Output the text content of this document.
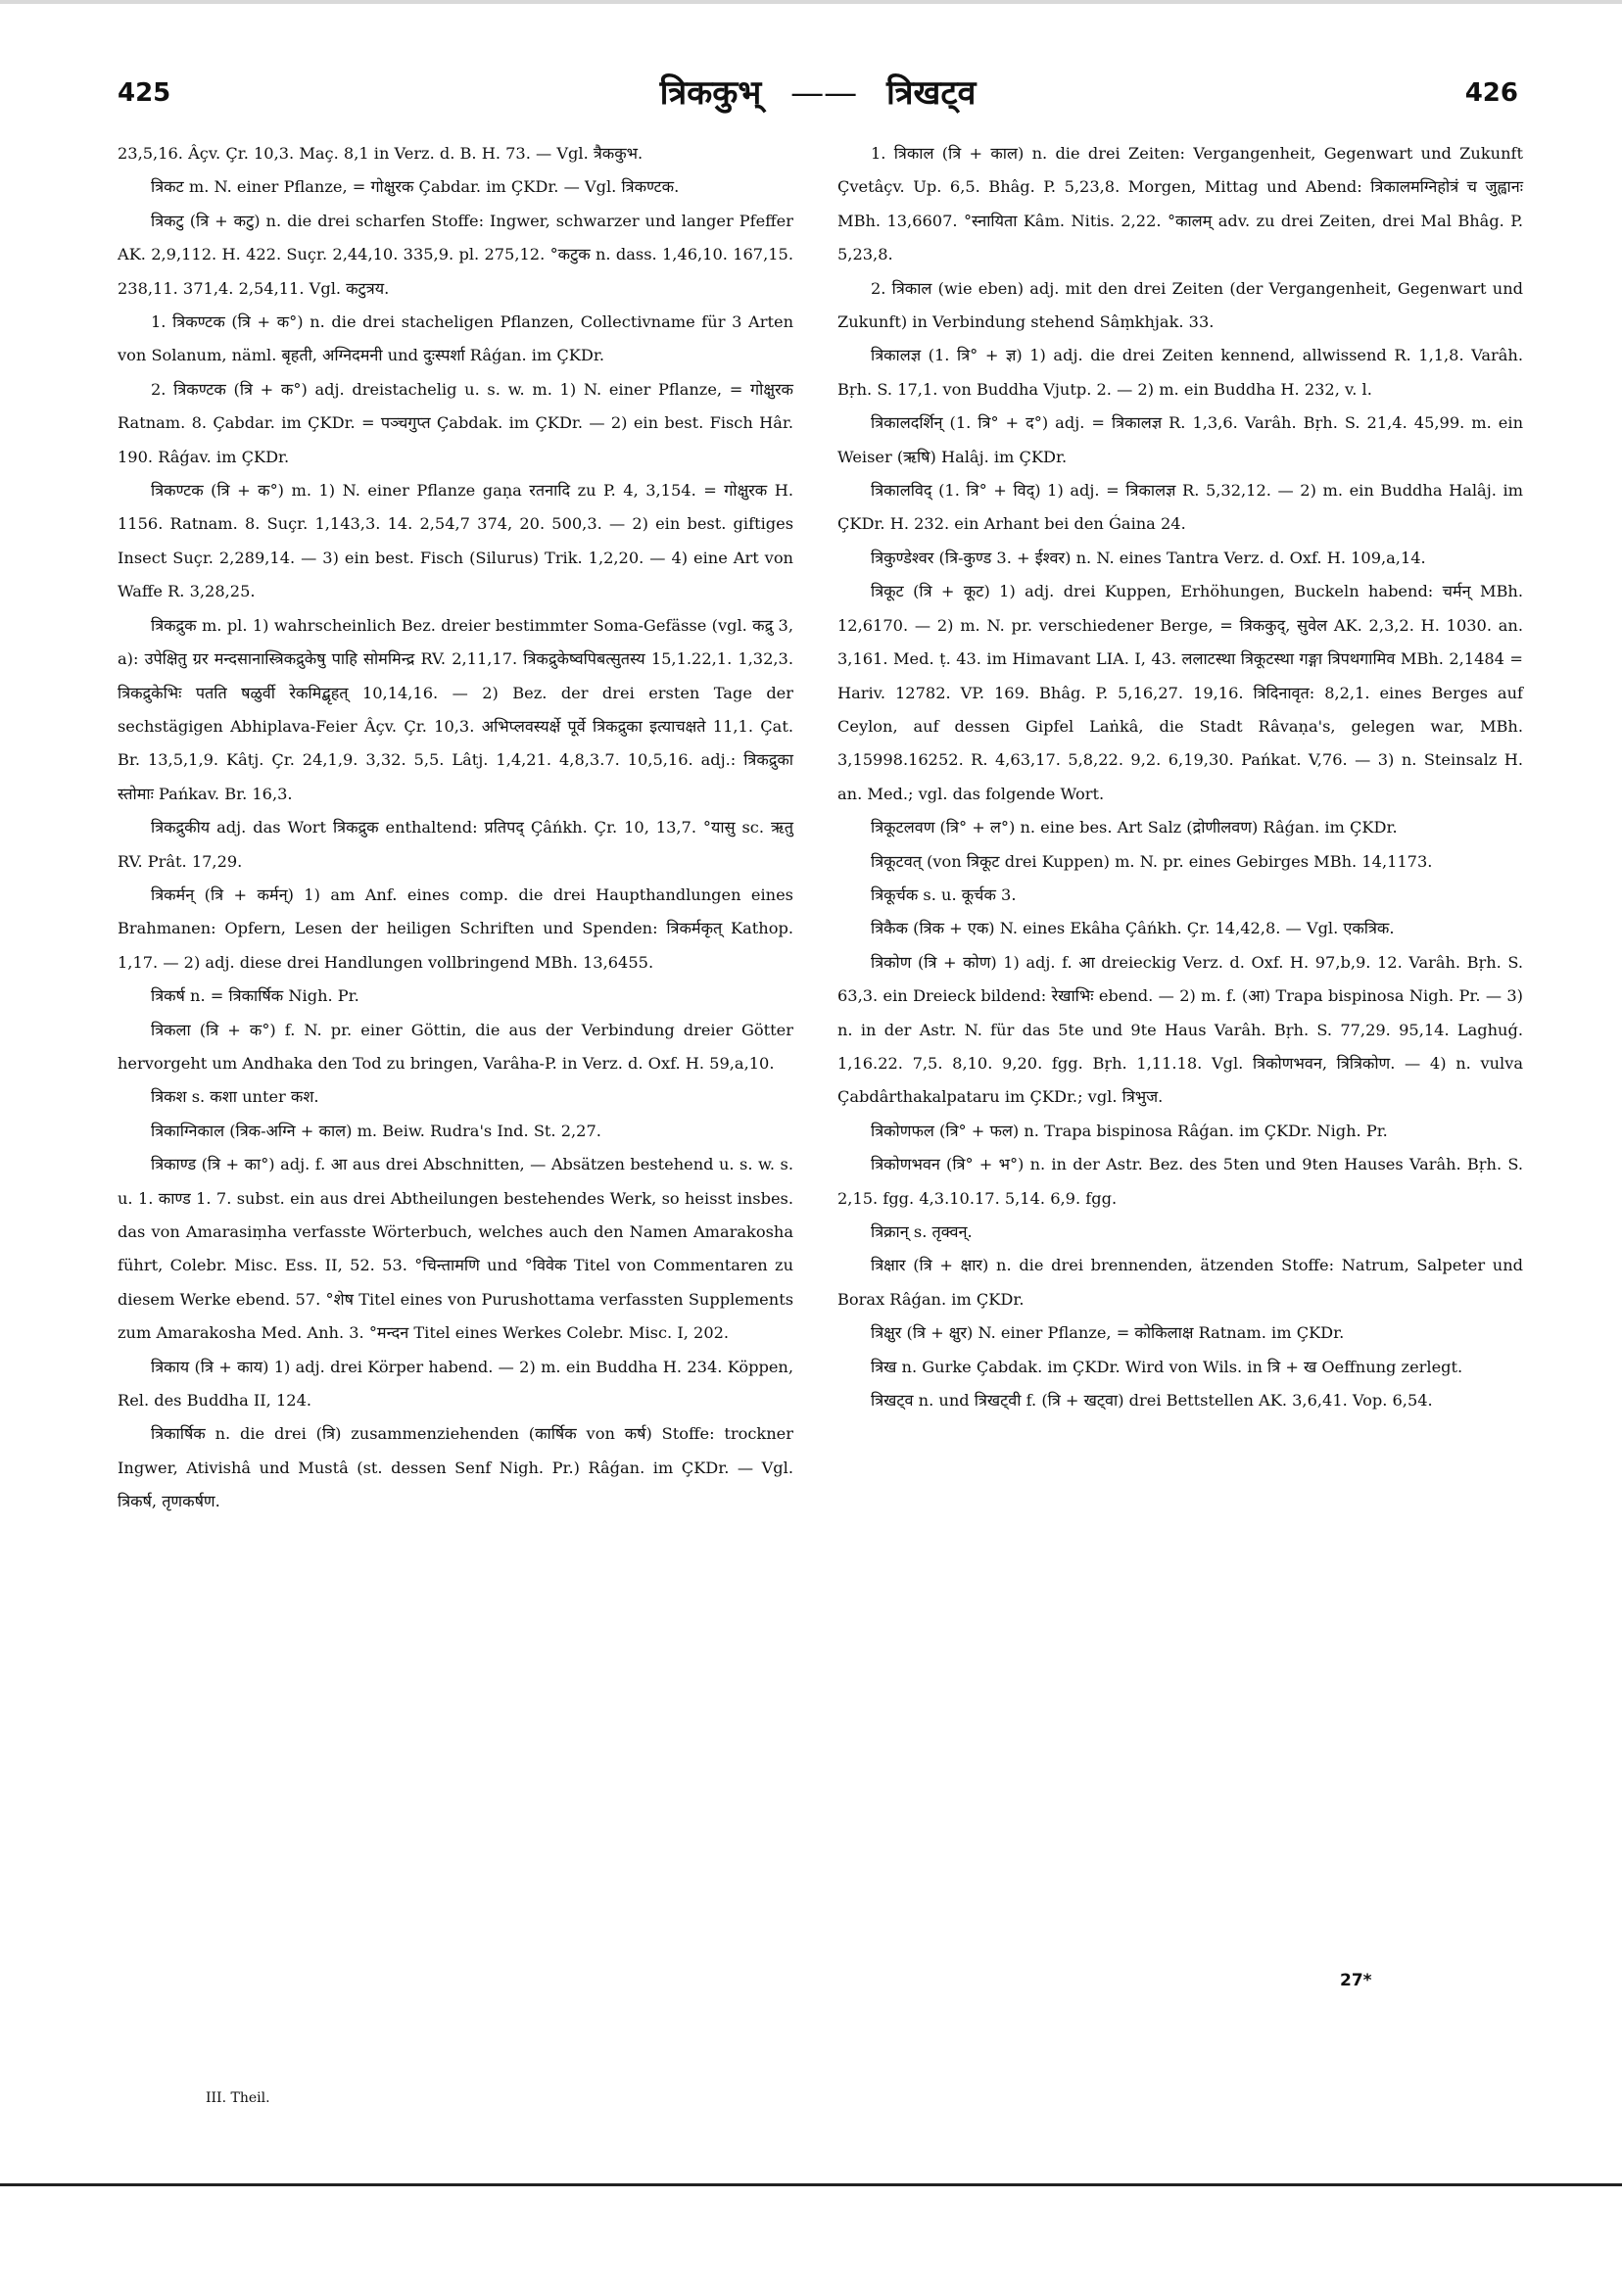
425	त्रिककुभ् —— त्रिखट्व	426

23,5,16. Âçv. Çr. 10,3. Maç. 8,1 in Verz. d. B. H. 73. — Vgl. त्रैककुभ.

त्रिकट m. N. einer Pflanze, = गोक्षुरक Çabdar. im ÇKDr. — Vgl. त्रिकण्टक.

त्रिकटु (त्रि + कटु) n. die drei scharfen Stoffe: Ingwer, schwarzer und langer Pfeffer AK. 2,9,112. H. 422. Suçr. 2,44,10. 335,9. pl. 275,12. °कटुक n. dass. 1,46,10. 167,15. 238,11. 371,4. 2,54,11. Vgl. कटुत्रय.

1. त्रिकण्टक (त्रि + क°) n. die drei stacheligen Pflanzen, Collectivname für 3 Arten von Solanum, näml. बृहती, अग्निदमनी und दुःस्पर्शा Râǵan. im ÇKDr.

2. त्रिकण्टक (त्रि + क°) adj. dreistachelig u. s. w. m. 1) N. einer Pflanze, = गोक्षुरक Ratnam. 8. Çabdar. im ÇKDr. = पञ्चगुप्त Çabdak. im ÇKDr. — 2) ein best. Fisch Hâr. 190. Râǵav. im ÇKDr.

त्रिकण्टक (त्रि + क°) m. 1) N. einer Pflanze gaṇa रतनादि zu P. 4, 3,154. = गोक्षुरक H. 1156. Ratnam. 8. Suçr. 1,143,3. 14. 2,54,7 374, 20. 500,3. — 2) ein best. giftiges Insect Suçr. 2,289,14. — 3) ein best. Fisch (Silurus) Trik. 1,2,20. — 4) eine Art von Waffe R. 3,28,25.

त्रिकद्रुक m. pl. 1) wahrscheinlich Bez. dreier bestimmter Soma-Gefässe (vgl. कद्रु 3, a): उपेक्षितु ग्रर मन्दसानास्त्रिकद्रुकेषु पाहि सोममिन्द्र RV. 2,11,17. त्रिकद्रुकेष्वपिबत्सुतस्य 15,1.22,1. 1,32,3. त्रिकद्रुकेभिः पतति षळुर्वी रेकमिद्बृहत् 10,14,16. — 2) Bez. der drei ersten Tage der sechstägigen Abhiplava-Feier Âçv. Çr. 10,3. अभिप्लवस्यर्क्षे पूर्वे त्रिकद्रुका इत्याचक्षते 11,1. Çat. Br. 13,5,1,9. Kâtj. Çr. 24,1,9. 3,32. 5,5. Lâtj. 1,4,21. 4,8,3.7. 10,5,16. adj.: त्रिकद्रुका स्तोमाः Pańkav. Br. 16,3.

त्रिकद्रुकीय adj. das Wort त्रिकद्रुक enthaltend: प्रतिपद् Çâńkh. Çr. 10, 13,7. °यासु sc. ऋतु RV. Prât. 17,29.

त्रिकर्मन् (त्रि + कर्मन्) 1) am Anf. eines comp. die drei Haupthandlungen eines Brahmanen: Opfern, Lesen der heiligen Schriften und Spenden: त्रिकर्मकृत् Kathop. 1,17. — 2) adj. diese drei Handlungen vollbringend MBh. 13,6455.

त्रिकर्ष n. = त्रिकार्षिक Nigh. Pr.

त्रिकला (त्रि + क°) f. N. pr. einer Göttin, die aus der Verbindung dreier Götter hervorgeht um Andhaka den Tod zu bringen, Varâha-P. in Verz. d. Oxf. H. 59,a,10.

त्रिकश s. कशा unter कश.

त्रिकाग्निकाल (त्रिक-अग्नि + काल) m. Beiw. Rudra's Ind. St. 2,27.

त्रिकाण्ड (त्रि + का°) adj. f. आ aus drei Abschnitten, — Absätzen bestehend u. s. w. s. u. 1. काण्ड 1. 7. subst. ein aus drei Abtheilungen bestehendes Werk, so heisst insbes. das von Amarasiṃha verfasste Wörterbuch, welches auch den Namen Amarakosha führt, Colebr. Misc. Ess. II, 52. 53. °चिन्तामणि und °विवेक Titel von Commentaren zu diesem Werke ebend. 57. °शेष Titel eines von Purushottama verfassten Supplements zum Amarakosha Med. Anh. 3. °मन्दन Titel eines Werkes Colebr. Misc. I, 202.

त्रिकाय (त्रि + काय) 1) adj. drei Körper habend. — 2) m. ein Buddha H. 234. Köppen, Rel. des Buddha II, 124.

त्रिकार्षिक n. die drei (त्रि) zusammenziehenden (कार्षिक von कर्ष) Stoffe: trockner Ingwer, Ativishâ und Mustâ (st. dessen Senf Nigh. Pr.) Râǵan. im ÇKDr. — Vgl. त्रिकर्ष, तृणकर्षण.

1. त्रिकाल (त्रि + काल) n. die drei Zeiten: Vergangenheit, Gegenwart und Zukunft Çvetâçv. Up. 6,5. Bhâg. P. 5,23,8. Morgen, Mittag und Abend: त्रिकालमग्निहोत्रं च जुह्वानः MBh. 13,6607. °स्नायिता Kâm. Nitis. 2,22. °कालम् adv. zu drei Zeiten, drei Mal Bhâg. P. 5,23,8.

2. त्रिकाल (wie eben) adj. mit den drei Zeiten (der Vergangenheit, Gegenwart und Zukunft) in Verbindung stehend Sâṃkhjak. 33.

त्रिकालज्ञ (1. त्रि° + ज्ञ) 1) adj. die drei Zeiten kennend, allwissend R. 1,1,8. Varâh. Bṛh. S. 17,1. von Buddha Vjutp. 2. — 2) m. ein Buddha H. 232, v. l.

त्रिकालदर्शिन् (1. त्रि° + द°) adj. = त्रिकालज्ञ R. 1,3,6. Varâh. Bṛh. S. 21,4. 45,99. m. ein Weiser (ऋषि) Halâj. im ÇKDr.

त्रिकालविद् (1. त्रि° + विद्) 1) adj. = त्रिकालज्ञ R. 5,32,12. — 2) m. ein Buddha Halâj. im ÇKDr. H. 232. ein Arhant bei den Ǵaina 24.

त्रिकुण्डेश्वर (त्रि-कुण्ड 3. + ईश्वर) n. N. eines Tantra Verz. d. Oxf. H. 109,a,14.

त्रिकूट (त्रि + कूट) 1) adj. drei Kuppen, Erhöhungen, Buckeln habend: चर्मन् MBh. 12,6170. — 2) m. N. pr. verschiedener Berge, = त्रिककुद्, सुवेल AK. 2,3,2. H. 1030. an. 3,161. Med. ṭ. 43. im Himavant LIA. I, 43. ललाटस्था त्रिकूटस्था गङ्गा त्रिपथगामिव MBh. 2,1484 = Hariv. 12782. VP. 169. Bhâg. P. 5,16,27. 19,16. त्रिदिनावृत: 8,2,1. eines Berges auf Ceylon, auf dessen Gipfel Laṅkâ, die Stadt Râvaṇa's, gelegen war, MBh. 3,15998.16252. R. 4,63,17. 5,8,22. 9,2. 6,19,30. Pańkat. V,76. — 3) n. Steinsalz H. an. Med.; vgl. das folgende Wort.

त्रिकूटलवण (त्रि° + ल°) n. eine bes. Art Salz (द्रोणीलवण) Râǵan. im ÇKDr.

त्रिकूटवत् (von त्रिकूट drei Kuppen) m. N. pr. eines Gebirges MBh. 14,1173.

त्रिकूर्चक s. u. कूर्चक 3.

त्रिकैक (त्रिक + एक) N. eines Ekâha Çâńkh. Çr. 14,42,8. — Vgl. एकत्रिक.

त्रिकोण (त्रि + कोण) 1) adj. f. आ dreieckig Verz. d. Oxf. H. 97,b,9. 12. Varâh. Bṛh. S. 63,3. ein Dreieck bildend: रेखाभिः ebend. — 2) m. f. (आ) Trapa bispinosa Nigh. Pr. — 3) n. in der Astr. N. für das 5te und 9te Haus Varâh. Bṛh. S. 77,29. 95,14. Laghuǵ. 1,16.22. 7,5. 8,10. 9,20. fgg. Bṛh. 1,11.18. Vgl. त्रिकोणभवन, त्रित्रिकोण. — 4) n. vulva Çabdârthakalpataru im ÇKDr.; vgl. त्रिभुज.

त्रिकोणफल (त्रि° + फल) n. Trapa bispinosa Râǵan. im ÇKDr. Nigh. Pr.

त्रिकोणभवन (त्रि° + भ°) n. in der Astr. Bez. des 5ten und 9ten Hauses Varâh. Bṛh. S. 2,15. fgg. 4,3.10.17. 5,14. 6,9. fgg.

त्रिक्रान् s. तृक्वन्.

त्रिक्षार (त्रि + क्षार) n. die drei brennenden, ätzenden Stoffe: Natrum, Salpeter und Borax Râǵan. im ÇKDr.

त्रिक्षुर (त्रि + क्षुर) N. einer Pflanze, = कोकिलाक्ष Ratnam. im ÇKDr.

त्रिख n. Gurke Çabdak. im ÇKDr. Wird von Wils. in त्रि + ख Oeffnung zerlegt.

त्रिखट्व n. und त्रिखट्वी f. (त्रि + खट्वा) drei Bettstellen AK. 3,6,41. Vop. 6,54.

III. Theil.
27*
